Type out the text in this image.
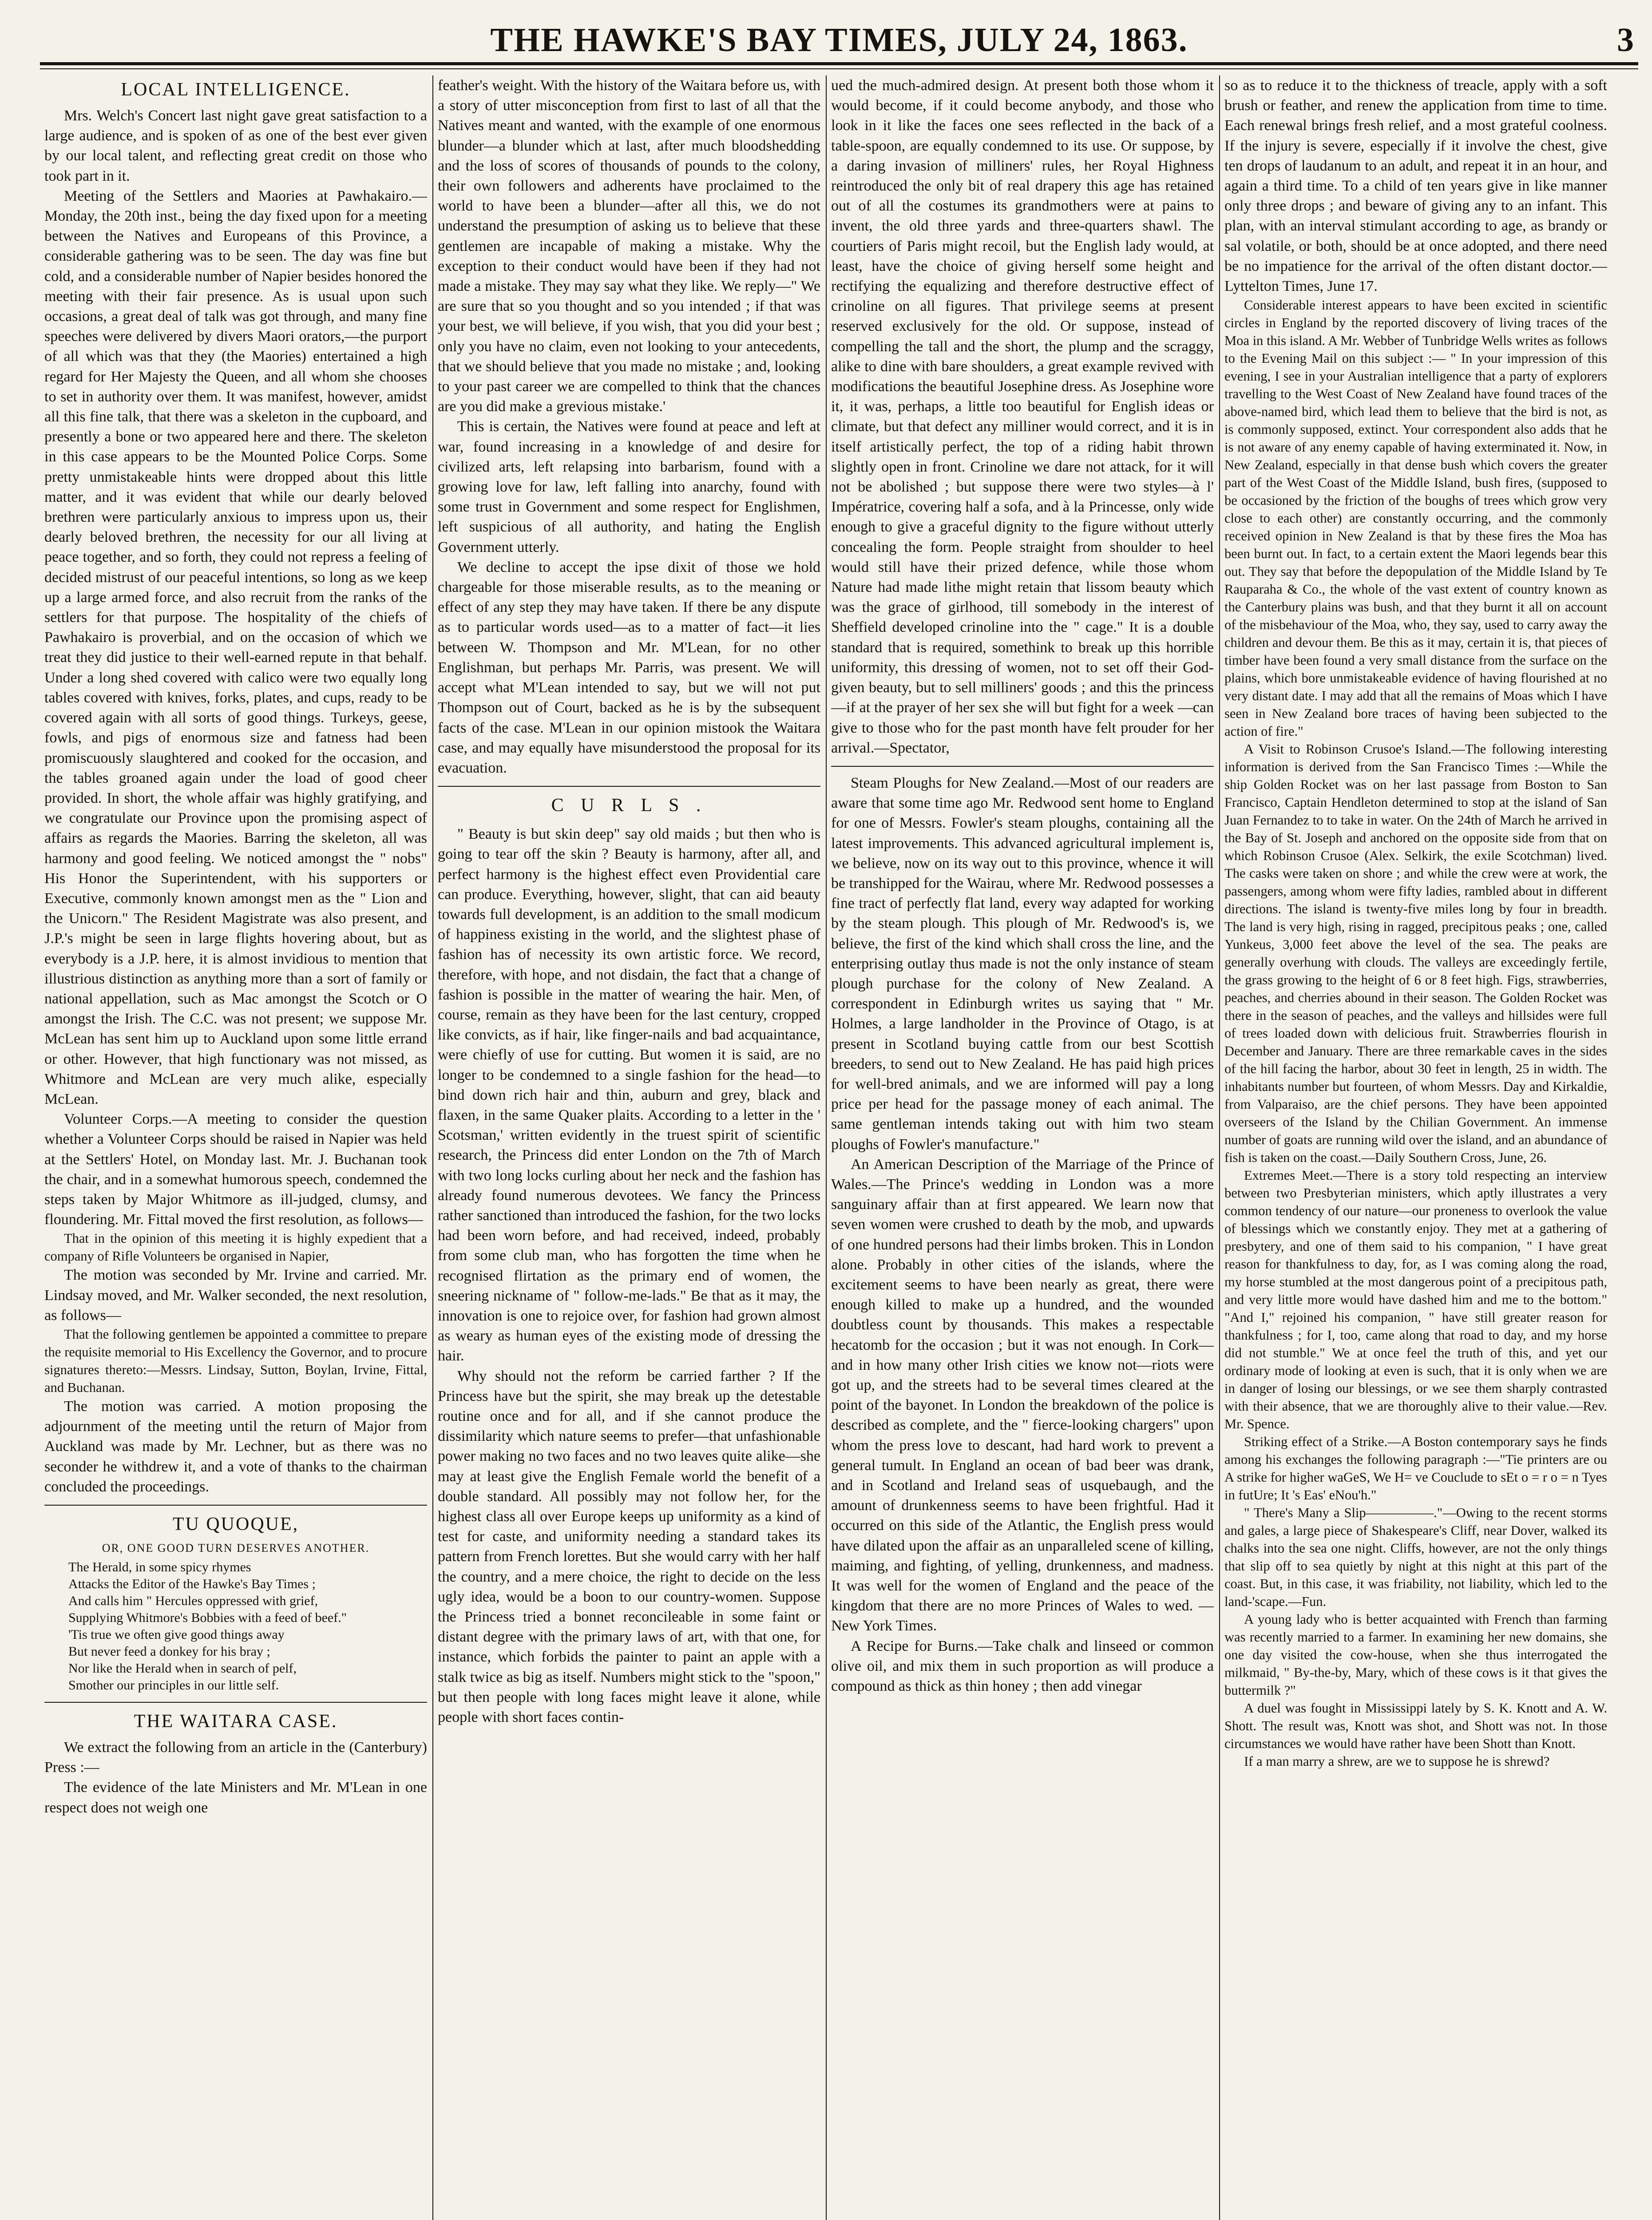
THE HAWKE'S BAY TIMES, JULY 24, 1863.	3
LOCAL INTELLIGENCE.

Mrs. Welch's Concert last night gave great satisfaction to a large audience, and is spoken of as one of the best ever given by our local talent, and reflecting great credit on those who took part in it.

Meeting of the Settlers and Maories at Pawhakairo.—Monday, the 20th inst., being the day fixed upon for a meeting between the Natives and Europeans of this Province, a considerable gathering was to be seen. The day was fine but cold, and a considerable number of Napier besides honored the meeting with their fair presence. As is usual upon such occasions, a great deal of talk was got through, and many fine speeches were delivered by divers Maori orators,—the purport of all which was that they (the Maories) entertained a high regard for Her Majesty the Queen, and all whom she chooses to set in authority over them. It was manifest, however, amidst all this fine talk, that there was a skeleton in the cupboard, and presently a bone or two appeared here and there. The skeleton in this case appears to be the Mounted Police Corps. Some pretty unmistakeable hints were dropped about this little matter, and it was evident that while our dearly beloved brethren were particularly anxious to impress upon us, their dearly beloved brethren, the necessity for our all living at peace together, and so forth, they could not repress a feeling of decided mistrust of our peaceful intentions, so long as we keep up a large armed force, and also recruit from the ranks of the settlers for that purpose. The hospitality of the chiefs of Pawhakairo is proverbial, and on the occasion of which we treat they did justice to their well-earned repute in that behalf. Under a long shed covered with calico were two equally long tables covered with knives, forks, plates, and cups, ready to be covered again with all sorts of good things. Turkeys, geese, fowls, and pigs of enormous size and fatness had been promiscuously slaughtered and cooked for the occasion, and the tables groaned again under the load of good cheer provided. In short, the whole affair was highly gratifying, and we congratulate our Province upon the promising aspect of affairs as regards the Maories. Barring the skeleton, all was harmony and good feeling. We noticed amongst the " nobs" His Honor the Superintendent, with his supporters or Executive, commonly known amongst men as the " Lion and the Unicorn." The Resident Magistrate was also present, and J.P.'s might be seen in large flights hovering about, but as everybody is a J.P. here, it is almost invidious to mention that illustrious distinction as anything more than a sort of family or national appellation, such as Mac amongst the Scotch or O amongst the Irish. The C.C. was not present; we suppose Mr. McLean has sent him up to Auckland upon some little errand or other. However, that high functionary was not missed, as Whitmore and McLean are very much alike, especially McLean.

Volunteer Corps.—A meeting to consider the question whether a Volunteer Corps should be raised in Napier was held at the Settlers' Hotel, on Monday last. Mr. J. Buchanan took the chair, and in a somewhat humorous speech, condemned the steps taken by Major Whitmore as ill-judged, clumsy, and floundering. Mr. Fittal moved the first resolution, as follows—

That in the opinion of this meeting it is highly expedient that a company of Rifle Volunteers be organised in Napier,

The motion was seconded by Mr. Irvine and carried. Mr. Lindsay moved, and Mr. Walker seconded, the next resolution, as follows—

That the following gentlemen be appointed a committee to prepare the requisite memorial to His Excellency the Governor, and to procure signatures thereto:—Messrs. Lindsay, Sutton, Boylan, Irvine, Fittal, and Buchanan.

The motion was carried. A motion proposing the adjournment of the meeting until the return of Major from Auckland was made by Mr. Lechner, but as there was no seconder he withdrew it, and a vote of thanks to the chairman concluded the proceedings.

TU QUOQUE,
OR, ONE GOOD TURN DESERVES ANOTHER.

The Herald, in some spicy rhymes

Attacks the Editor of the Hawke's Bay Times ;

And calls him " Hercules oppressed with grief,

Supplying Whitmore's Bobbies with a feed of beef."

'Tis true we often give good things away

But never feed a donkey for his bray ;

Nor like the Herald when in search of pelf,

Smother our principles in our little self.

THE WAITARA CASE.

We extract the following from an article in the (Canterbury) Press :—

The evidence of the late Ministers and Mr. M'Lean in one respect does not weigh one

feather's weight. With the history of the Waitara before us, with a story of utter misconception from first to last of all that the Natives meant and wanted, with the example of one enormous blunder—a blunder which at last, after much bloodshedding and the loss of scores of thousands of pounds to the colony, their own followers and adherents have proclaimed to the world to have been a blunder—after all this, we do not understand the presumption of asking us to believe that these gentlemen are incapable of making a mistake. Why the exception to their conduct would have been if they had not made a mistake. They may say what they like. We reply—" We are sure that so you thought and so you intended ; if that was your best, we will believe, if you wish, that you did your best ; only you have no claim, even not looking to your antecedents, that we should believe that you made no mistake ; and, looking to your past career we are compelled to think that the chances are you did make a grevious mistake.'

This is certain, the Natives were found at peace and left at war, found increasing in a knowledge of and desire for civilized arts, left relapsing into barbarism, found with a growing love for law, left falling into anarchy, found with some trust in Government and some respect for Englishmen, left suspicious of all authority, and hating the English Government utterly.

We decline to accept the ipse dixit of those we hold chargeable for those miserable results, as to the meaning or effect of any step they may have taken. If there be any dispute as to particular words used—as to a matter of fact—it lies between W. Thompson and Mr. M'Lean, for no other Englishman, but perhaps Mr. Parris, was present. We will accept what M'Lean intended to say, but we will not put Thompson out of Court, backed as he is by the subsequent facts of the case. M'Lean in our opinion mistook the Waitara case, and may equally have misunderstood the proposal for its evacuation.

C U R L S .

" Beauty is but skin deep" say old maids ; but then who is going to tear off the skin ? Beauty is harmony, after all, and perfect harmony is the highest effect even Providential care can produce. Everything, however, slight, that can aid beauty towards full development, is an addition to the small modicum of happiness existing in the world, and the slightest phase of fashion has of necessity its own artistic force. We record, therefore, with hope, and not disdain, the fact that a change of fashion is possible in the matter of wearing the hair. Men, of course, remain as they have been for the last century, cropped like convicts, as if hair, like finger-nails and bad acquaintance, were chiefly of use for cutting. But women it is said, are no longer to be condemned to a single fashion for the head—to bind down rich hair and thin, auburn and grey, black and flaxen, in the same Quaker plaits. According to a letter in the ' Scotsman,' written evidently in the truest spirit of scientific research, the Princess did enter London on the 7th of March with two long locks curling about her neck and the fashion has already found numerous devotees. We fancy the Princess rather sanctioned than introduced the fashion, for the two locks had been worn before, and had received, indeed, probably from some club man, who has forgotten the time when he recognised flirtation as the primary end of women, the sneering nickname of " follow-me-lads." Be that as it may, the innovation is one to rejoice over, for fashion had grown almost as weary as human eyes of the existing mode of dressing the hair.

Why should not the reform be carried farther ? If the Princess have but the spirit, she may break up the detestable routine once and for all, and if she cannot produce the dissimilarity which nature seems to prefer—that unfashionable power making no two faces and no two leaves quite alike—she may at least give the English Female world the benefit of a double standard. All possibly may not follow her, for the highest class all over Europe keeps up uniformity as a kind of test for caste, and uniformity needing a standard takes its pattern from French lorettes. But she would carry with her half the country, and a mere choice, the right to decide on the less ugly idea, would be a boon to our country-women. Suppose the Princess tried a bonnet reconcileable in some faint or distant degree with the primary laws of art, with that one, for instance, which forbids the painter to paint an apple with a stalk twice as big as itself. Numbers might stick to the "spoon," but then people with long faces might leave it alone, while people with short faces contin-

ued the much-admired design. At present both those whom it would become, if it could become anybody, and those who look in it like the faces one sees reflected in the back of a table-spoon, are equally condemned to its use. Or suppose, by a daring invasion of milliners' rules, her Royal Highness reintroduced the only bit of real drapery this age has retained out of all the costumes its grandmothers were at pains to invent, the old three yards and three-quarters shawl. The courtiers of Paris might recoil, but the English lady would, at least, have the choice of giving herself some height and rectifying the equalizing and therefore destructive effect of crinoline on all figures. That privilege seems at present reserved exclusively for the old. Or suppose, instead of compelling the tall and the short, the plump and the scraggy, alike to dine with bare shoulders, a great example revived with modifications the beautiful Josephine dress. As Josephine wore it, it was, perhaps, a little too beautiful for English ideas or climate, but that defect any milliner would correct, and it is in itself artistically perfect, the top of a riding habit thrown slightly open in front. Crinoline we dare not attack, for it will not be abolished ; but suppose there were two styles—à l' Impératrice, covering half a sofa, and à la Princesse, only wide enough to give a graceful dignity to the figure without utterly concealing the form. People straight from shoulder to heel would still have their prized defence, while those whom Nature had made lithe might retain that lissom beauty which was the grace of girlhood, till somebody in the interest of Sheffield developed crinoline into the " cage." It is a double standard that is required, somethink to break up this horrible uniformity, this dressing of women, not to set off their God-given beauty, but to sell milliners' goods ; and this the princess—if at the prayer of her sex she will but fight for a week —can give to those who for the past month have felt prouder for her arrival.—Spectator,

Steam Ploughs for New Zealand.—Most of our readers are aware that some time ago Mr. Redwood sent home to England for one of Messrs. Fowler's steam ploughs, containing all the latest improvements. This advanced agricultural implement is, we believe, now on its way out to this province, whence it will be transhipped for the Wairau, where Mr. Redwood possesses a fine tract of perfectly flat land, every way adapted for working by the steam plough. This plough of Mr. Redwood's is, we believe, the first of the kind which shall cross the line, and the enterprising outlay thus made is not the only instance of steam plough purchase for the colony of New Zealand. A correspondent in Edinburgh writes us saying that " Mr. Holmes, a large landholder in the Province of Otago, is at present in Scotland buying cattle from our best Scottish breeders, to send out to New Zealand. He has paid high prices for well-bred animals, and we are informed will pay a long price per head for the passage money of each animal. The same gentleman intends taking out with him two steam ploughs of Fowler's manufacture."

An American Description of the Marriage of the Prince of Wales.—The Prince's wedding in London was a more sanguinary affair than at first appeared. We learn now that seven women were crushed to death by the mob, and upwards of one hundred persons had their limbs broken. This in London alone. Probably in other cities of the islands, where the excitement seems to have been nearly as great, there were enough killed to make up a hundred, and the wounded doubtless count by thousands. This makes a respectable hecatomb for the occasion ; but it was not enough. In Cork—and in how many other Irish cities we know not—riots were got up, and the streets had to be several times cleared at the point of the bayonet. In London the breakdown of the police is described as complete, and the " fierce-looking chargers" upon whom the press love to descant, had hard work to prevent a general tumult. In England an ocean of bad beer was drank, and in Scotland and Ireland seas of usquebaugh, and the amount of drunkenness seems to have been frightful. Had it occurred on this side of the Atlantic, the English press would have dilated upon the affair as an unparalleled scene of killing, maiming, and fighting, of yelling, drunkenness, and madness. It was well for the women of England and the peace of the kingdom that there are no more Princes of Wales to wed. —New York Times.

A Recipe for Burns.—Take chalk and linseed or common olive oil, and mix them in such proportion as will produce a compound as thick as thin honey ; then add vinegar

so as to reduce it to the thickness of treacle, apply with a soft brush or feather, and renew the application from time to time. Each renewal brings fresh relief, and a most grateful coolness. If the injury is severe, especially if it involve the chest, give ten drops of laudanum to an adult, and repeat it in an hour, and again a third time. To a child of ten years give in like manner only three drops ; and beware of giving any to an infant. This plan, with an interval stimulant according to age, as brandy or sal volatile, or both, should be at once adopted, and there need be no impatience for the arrival of the often distant doctor.—Lyttelton Times, June 17.

Considerable interest appears to have been excited in scientific circles in England by the reported discovery of living traces of the Moa in this island. A Mr. Webber of Tunbridge Wells writes as follows to the Evening Mail on this subject :— " In your impression of this evening, I see in your Australian intelligence that a party of explorers travelling to the West Coast of New Zealand have found traces of the above-named bird, which lead them to believe that the bird is not, as is commonly supposed, extinct. Your correspondent also adds that he is not aware of any enemy capable of having exterminated it. Now, in New Zealand, especially in that dense bush which covers the greater part of the West Coast of the Middle Island, bush fires, (supposed to be occasioned by the friction of the boughs of trees which grow very close to each other) are constantly occurring, and the commonly received opinion in New Zealand is that by these fires the Moa has been burnt out. In fact, to a certain extent the Maori legends bear this out. They say that before the depopulation of the Middle Island by Te Rauparaha & Co., the whole of the vast extent of country known as the Canterbury plains was bush, and that they burnt it all on account of the misbehaviour of the Moa, who, they say, used to carry away the children and devour them. Be this as it may, certain it is, that pieces of timber have been found a very small distance from the surface on the plains, which bore unmistakeable evidence of having flourished at no very distant date. I may add that all the remains of Moas which I have seen in New Zealand bore traces of having been subjected to the action of fire."

A Visit to Robinson Crusoe's Island.—The following interesting information is derived from the San Francisco Times :—While the ship Golden Rocket was on her last passage from Boston to San Francisco, Captain Hendleton determined to stop at the island of San Juan Fernandez to to take in water. On the 24th of March he arrived in the Bay of St. Joseph and anchored on the opposite side from that on which Robinson Crusoe (Alex. Selkirk, the exile Scotchman) lived. The casks were taken on shore ; and while the crew were at work, the passengers, among whom were fifty ladies, rambled about in different directions. The island is twenty-five miles long by four in breadth. The land is very high, rising in ragged, precipitous peaks ; one, called Yunkeus, 3,000 feet above the level of the sea. The peaks are generally overhung with clouds. The valleys are exceedingly fertile, the grass growing to the height of 6 or 8 feet high. Figs, strawberries, peaches, and cherries abound in their season. The Golden Rocket was there in the season of peaches, and the valleys and hillsides were full of trees loaded down with delicious fruit. Strawberries flourish in December and January. There are three remarkable caves in the sides of the hill facing the harbor, about 30 feet in length, 25 in width. The inhabitants number but fourteen, of whom Messrs. Day and Kirkaldie, from Valparaiso, are the chief persons. They have been appointed overseers of the Island by the Chilian Government. An immense number of goats are running wild over the island, and an abundance of fish is taken on the coast.—Daily Southern Cross, June, 26.

Extremes Meet.—There is a story told respecting an interview between two Presbyterian ministers, which aptly illustrates a very common tendency of our nature—our proneness to overlook the value of blessings which we constantly enjoy. They met at a gathering of presbytery, and one of them said to his companion, " I have great reason for thankfulness to day, for, as I was coming along the road, my horse stumbled at the most dangerous point of a precipitous path, and very little more would have dashed him and me to the bottom." "And I," rejoined his companion, " have still greater reason for thankfulness ; for I, too, came along that road to day, and my horse did not stumble." We at once feel the truth of this, and yet our ordinary mode of looking at even is such, that it is only when we are in danger of losing our blessings, or we see them sharply contrasted with their absence, that we are thoroughly alive to their value.—Rev. Mr. Spence.

Striking effect of a Strike.—A Boston contemporary says he finds among his exchanges the following paragraph :—"Tie printers are ou A strike for higher waGeS, We H= ve Couclude to sEt o = r o = n Tyes in futUre; It 's Eas' eNou'h."

" There's Many a Slip—————."—Owing to the recent storms and gales, a large piece of Shakespeare's Cliff, near Dover, walked its chalks into the sea one night. Cliffs, however, are not the only things that slip off to sea quietly by night at this night at this part of the coast. But, in this case, it was friability, not liability, which led to the land-'scape.—Fun.

A young lady who is better acquainted with French than farming was recently married to a farmer. In examining her new domains, she one day visited the cow-house, when she thus interrogated the milkmaid, " By-the-by, Mary, which of these cows is it that gives the buttermilk ?"

A duel was fought in Mississippi lately by S. K. Knott and A. W. Shott. The result was, Knott was shot, and Shott was not. In those circumstances we would have rather have been Shott than Knott.

If a man marry a shrew, are we to suppose he is shrewd?
